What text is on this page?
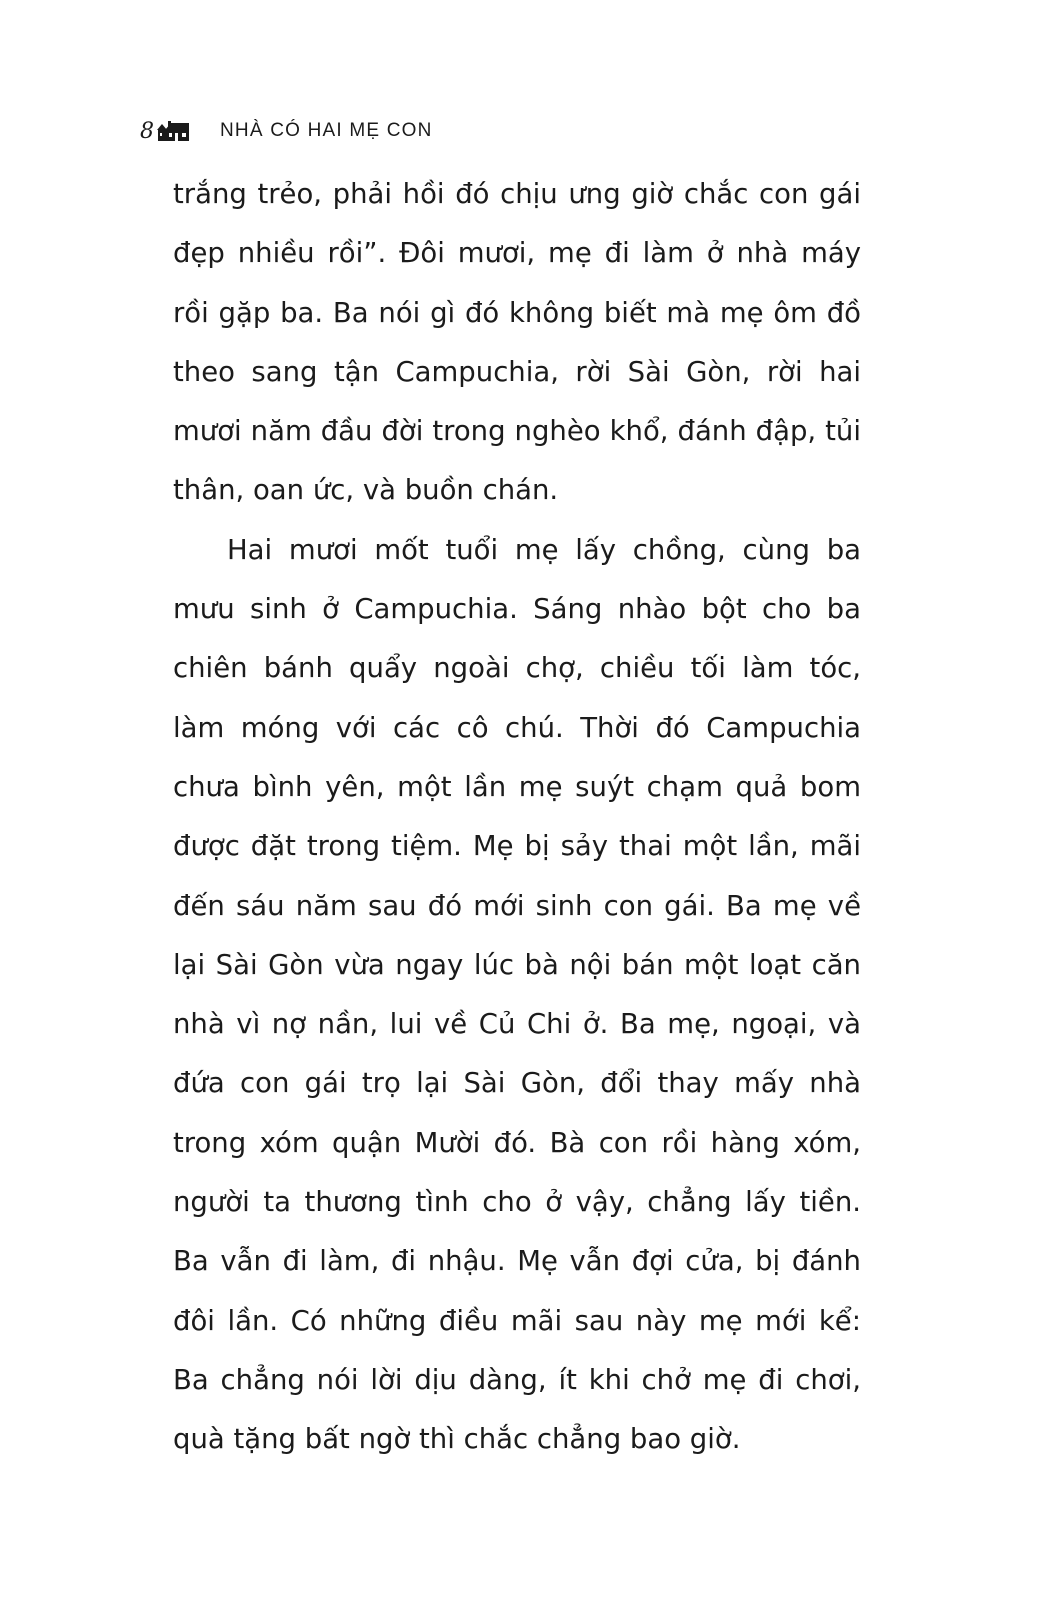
8	NHÀ CÓ HAI MẸ CON

trắng trẻo, phải hồi đó chịu ưng giờ chắc con gái đẹp nhiều rồi”. Đôi mươi, mẹ đi làm ở nhà máy rồi gặp ba. Ba nói gì đó không biết mà mẹ ôm đồ theo sang tận Campuchia, rời Sài Gòn, rời hai mươi năm đầu đời trong nghèo khổ, đánh đập, tủi thân, oan ức, và buồn chán.

Hai mươi mốt tuổi mẹ lấy chồng, cùng ba mưu sinh ở Campuchia. Sáng nhào bột cho ba chiên bánh quẩy ngoài chợ, chiều tối làm tóc, làm móng với các cô chú. Thời đó Campuchia chưa bình yên, một lần mẹ suýt chạm quả bom được đặt trong tiệm. Mẹ bị sảy thai một lần, mãi đến sáu năm sau đó mới sinh con gái. Ba mẹ về lại Sài Gòn vừa ngay lúc bà nội bán một loạt căn nhà vì nợ nần, lui về Củ Chi ở. Ba mẹ, ngoại, và đứa con gái trọ lại Sài Gòn, đổi thay mấy nhà trong xóm quận Mười đó. Bà con rồi hàng xóm, người ta thương tình cho ở vậy, chẳng lấy tiền. Ba vẫn đi làm, đi nhậu. Mẹ vẫn đợi cửa, bị đánh đôi lần. Có những điều mãi sau này mẹ mới kể: Ba chẳng nói lời dịu dàng, ít khi chở mẹ đi chơi, quà tặng bất ngờ thì chắc chẳng bao giờ.
